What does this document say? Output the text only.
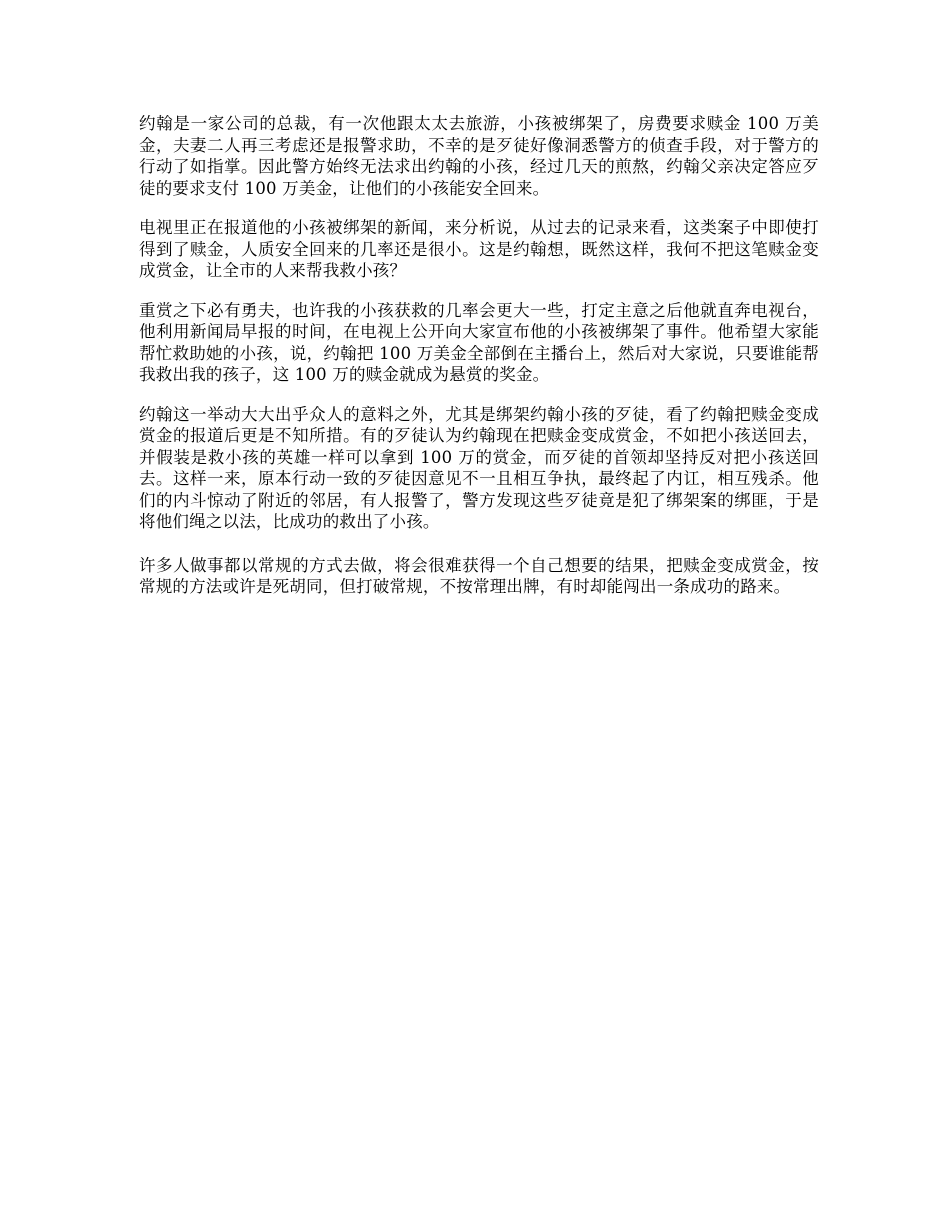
约翰是一家公司的总裁，有一次他跟太太去旅游，小孩被绑架了，房费要求赎金 100 万美金，夫妻二人再三考虑还是报警求助，不幸的是歹徒好像洞悉警方的侦查手段，对于警方的行动了如指掌。因此警方始终无法求出约翰的小孩，经过几天的煎熬，约翰父亲决定答应歹徒的要求支付 100 万美金，让他们的小孩能安全回来。

电视里正在报道他的小孩被绑架的新闻，来分析说，从过去的记录来看，这类案子中即使打得到了赎金，人质安全回来的几率还是很小。这是约翰想，既然这样，我何不把这笔赎金变成赏金，让全市的人来帮我救小孩？

重赏之下必有勇夫，也许我的小孩获救的几率会更大一些，打定主意之后他就直奔电视台，他利用新闻局早报的时间，在电视上公开向大家宣布他的小孩被绑架了事件。他希望大家能帮忙救助她的小孩，说，约翰把 100 万美金全部倒在主播台上，然后对大家说，只要谁能帮我救出我的孩子，这 100 万的赎金就成为悬赏的奖金。

约翰这一举动大大出乎众人的意料之外，尤其是绑架约翰小孩的歹徒，看了约翰把赎金变成赏金的报道后更是不知所措。有的歹徒认为约翰现在把赎金变成赏金，不如把小孩送回去，并假装是救小孩的英雄一样可以拿到 100 万的赏金，而歹徒的首领却坚持反对把小孩送回去。这样一来，原本行动一致的歹徒因意见不一且相互争执，最终起了内讧，相互残杀。他们的内斗惊动了附近的邻居，有人报警了，警方发现这些歹徒竟是犯了绑架案的绑匪，于是将他们绳之以法，比成功的救出了小孩。

许多人做事都以常规的方式去做，将会很难获得一个自己想要的结果，把赎金变成赏金，按常规的方法或许是死胡同，但打破常规，不按常理出牌，有时却能闯出一条成功的路来。
